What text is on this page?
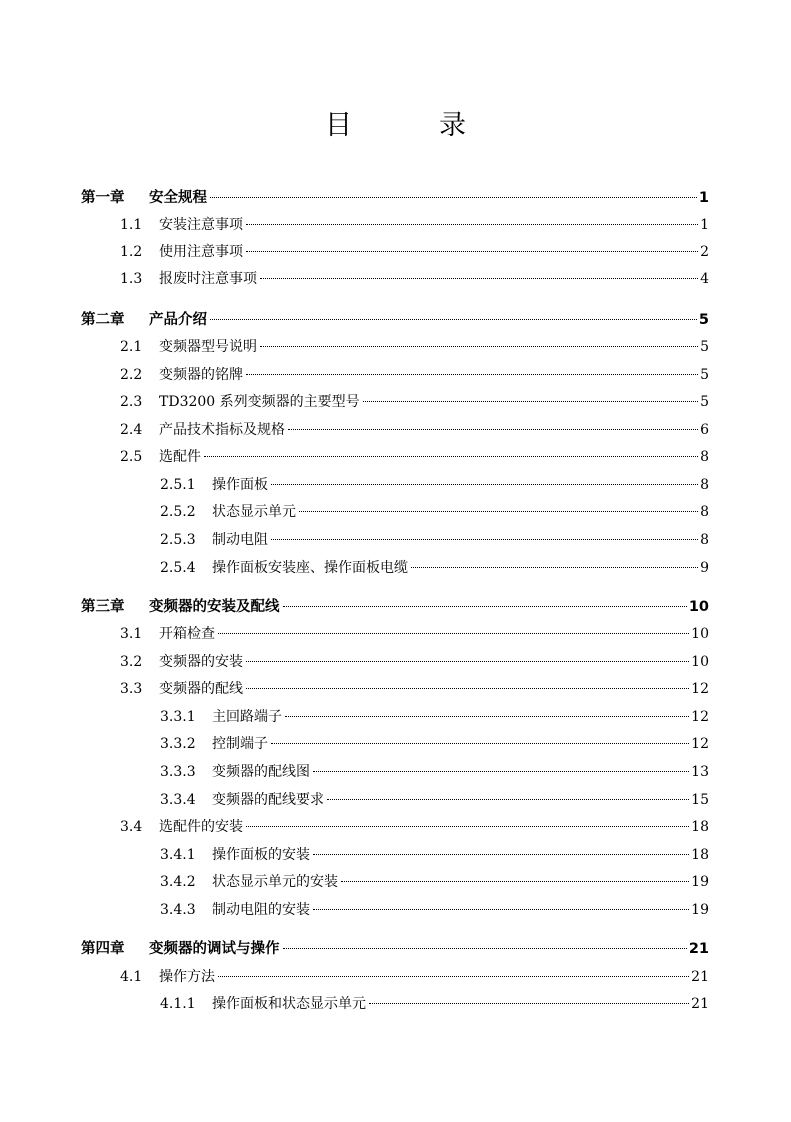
目　录
第一章	安全规程	1
1.1	安装注意事项	1
1.2	使用注意事项	2
1.3	报废时注意事项	4
第二章	产品介绍	5
2.1	变频器型号说明	5
2.2	变频器的铭牌	5
2.3	TD3200 系列变频器的主要型号	5
2.4	产品技术指标及规格	6
2.5	选配件	8
2.5.1	操作面板	8
2.5.2	状态显示单元	8
2.5.3	制动电阻	8
2.5.4	操作面板安装座、操作面板电缆	9
第三章	变频器的安装及配线	10
3.1	开箱检查	10
3.2	变频器的安装	10
3.3	变频器的配线	12
3.3.1	主回路端子	12
3.3.2	控制端子	12
3.3.3	变频器的配线图	13
3.3.4	变频器的配线要求	15
3.4	选配件的安装	18
3.4.1	操作面板的安装	18
3.4.2	状态显示单元的安装	19
3.4.3	制动电阻的安装	19
第四章	变频器的调试与操作	21
4.1	操作方法	21
4.1.1	操作面板和状态显示单元	21
